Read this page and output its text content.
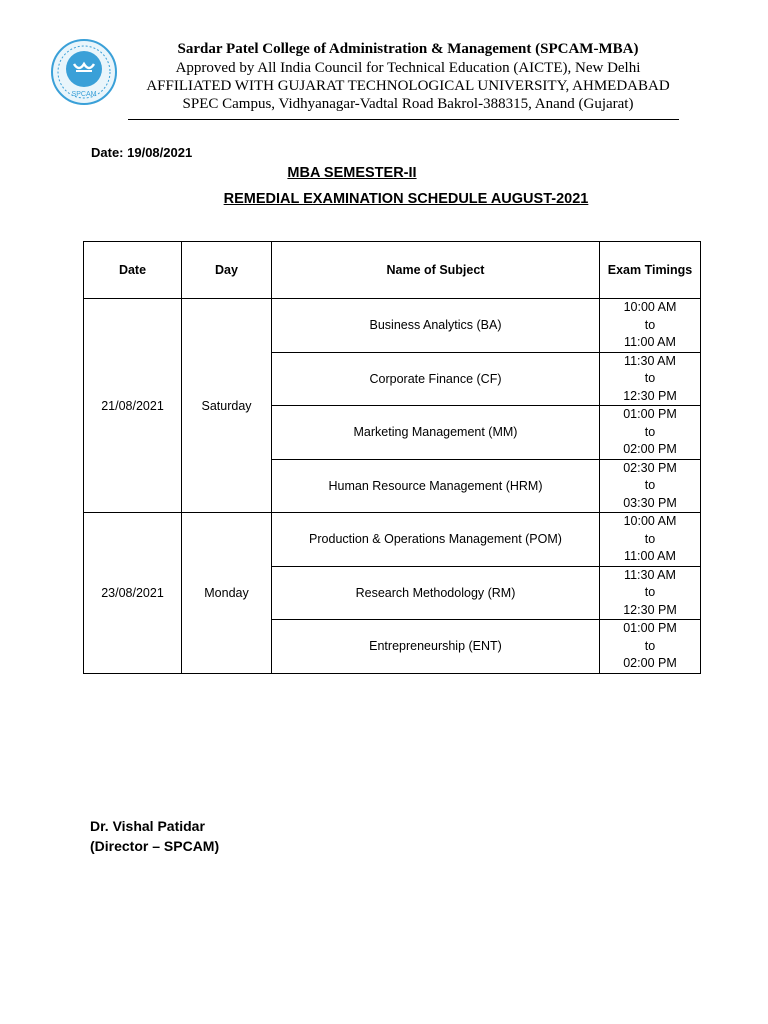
SPCAM
Sardar Patel College of Administration & Management (SPCAM-MBA)
Approved by All India Council for Technical Education (AICTE), New Delhi
AFFILIATED WITH GUJARAT TECHNOLOGICAL UNIVERSITY, AHMEDABAD
SPEC Campus, Vidhyanagar-Vadtal Road Bakrol-388315, Anand (Gujarat)
Date: 19/08/2021
MBA SEMESTER-II
REMEDIAL EXAMINATION SCHEDULE AUGUST-2021
Date	Day	Name of Subject	Exam Timings
21/08/2021	Saturday	Business Analytics (BA)	10:00 AM
to
11:00 AM

		Corporate Finance (CF)	11:30 AM
to
12:30 PM

		Marketing Management (MM)	01:00 PM
to
02:00 PM

		Human Resource Management (HRM)	02:30 PM
to
03:30 PM

23/08/2021	Monday	Production & Operations Management (POM)	10:00 AM
to
11:00 AM

		Research Methodology (RM)	11:30 AM
to
12:30 PM

		Entrepreneurship (ENT)	01:00 PM
to
02:00 PM
Dr. Vishal Patidar
(Director – SPCAM)
